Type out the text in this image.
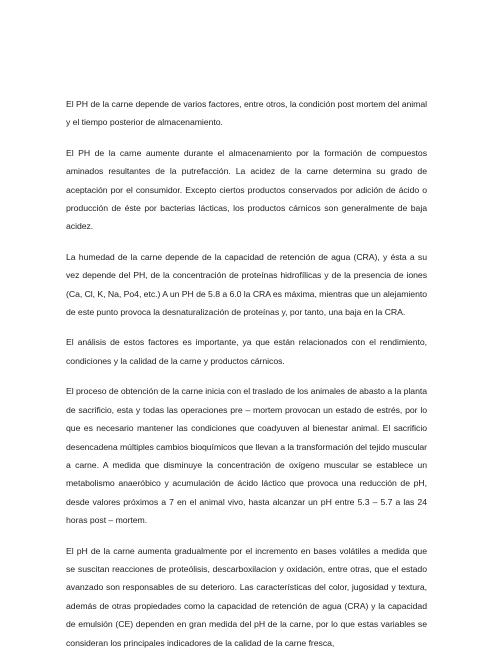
El PH de la carne depende de varios factores, entre otros, la condición post mortem del animal y el tiempo posterior de almacenamiento.

El PH de la carne aumente durante el almacenamiento por la formación de compuestos aminados resultantes de la putrefacción. La acidez de la carne determina su grado de aceptación por el consumidor. Excepto ciertos productos conservados por adición de ácido o producción de éste por bacterias lácticas, los productos cárnicos son generalmente de baja acidez.

La humedad de la carne depende de la capacidad de retención de agua (CRA), y ésta a su vez depende del PH, de la concentración de proteínas hidrofílicas y de la presencia de iones (Ca, Cl, K, Na, Po4, etc.) A un PH de 5.8 a 6.0 la CRA es máxima, mientras que un alejamiento de este punto provoca la desnaturalización de proteínas y, por tanto, una baja en la CRA.

El análisis de estos factores es importante, ya que están relacionados con el rendimiento, condiciones y la calidad de la carne y productos cárnicos.

El proceso de obtención de la carne inicia con el traslado de los animales de abasto a la planta de sacrificio, esta y todas las operaciones pre – mortem provocan un estado de estrés, por lo que es necesario mantener las condiciones que coadyuven al bienestar animal. El sacrificio desencadena múltiples cambios bioquímicos que llevan a la transformación del tejido muscular a carne. A medida que disminuye la concentración de oxígeno muscular se establece un metabolismo anaeróbico y acumulación de ácido láctico que provoca una reducción de pH, desde valores próximos a 7 en el animal vivo, hasta alcanzar un pH entre 5.3 – 5.7 a las 24 horas post – mortem.

El pH de la carne aumenta gradualmente por el incremento en bases volátiles a medida que se suscitan reacciones de proteólisis, descarboxilacion y oxidación, entre otras, que el estado avanzado son responsables de su deterioro. Las características del color, jugosidad y textura, además de otras propiedades como la capacidad de retención de agua (CRA) y la capacidad de emulsión (CE) dependen en gran medida del pH de la carne, por lo que estas variables se consideran los principales indicadores de la calidad de la carne fresca,
